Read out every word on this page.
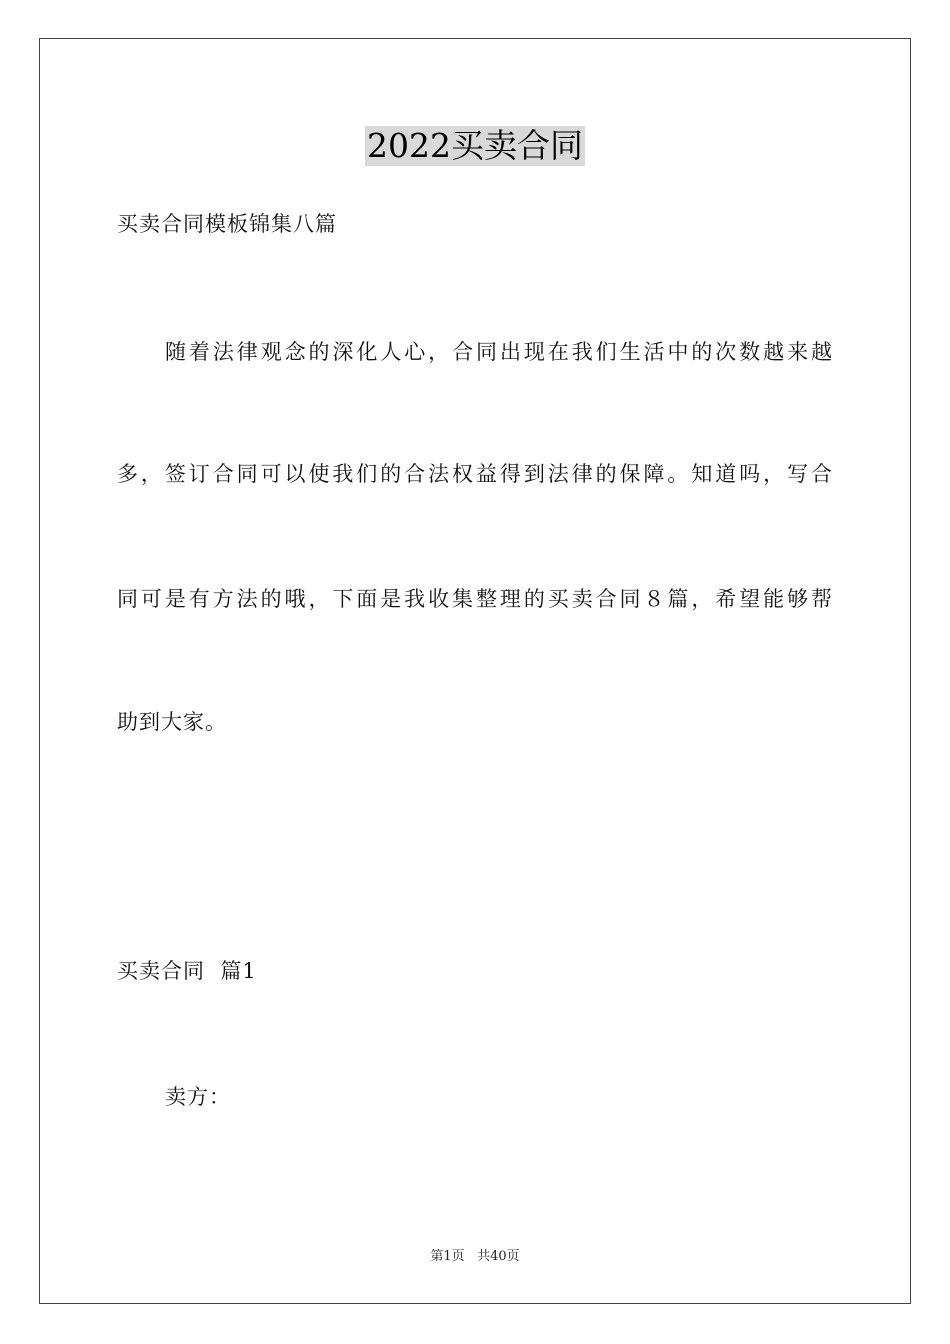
2022买卖合同
买卖合同模板锦集八篇
随着法律观念的深化人心，合同出现在我们生活中的次数越来越
多，签订合同可以使我们的合法权益得到法律的保障。知道吗，写合
同可是有方法的哦，下面是我收集整理的买卖合同８篇，希望能够帮
助到大家。
买卖合同  篇1
卖方：
第1页 共40页
